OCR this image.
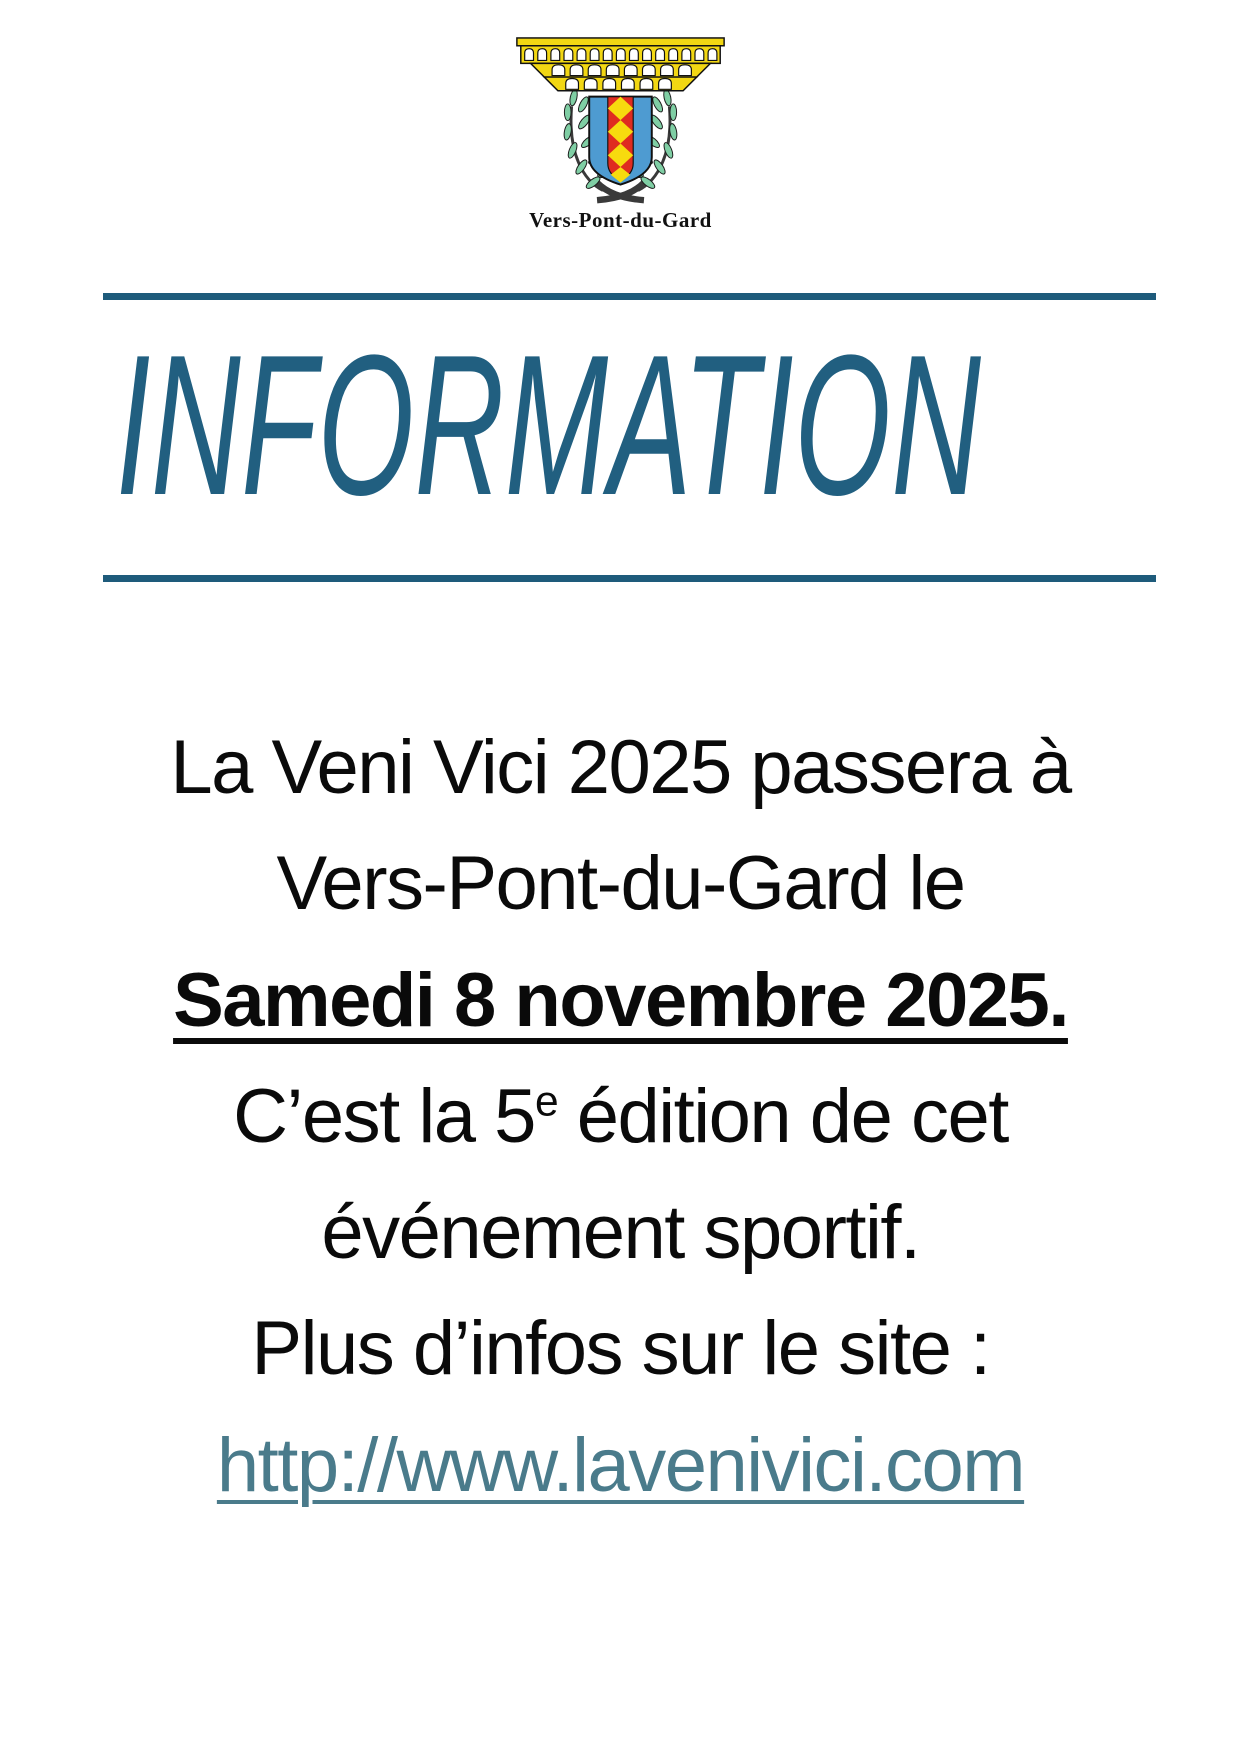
Vers-Pont-du-Gard
INFORMATION

La Veni Vici 2025 passera à

Vers-Pont-du-Gard le

Samedi 8 novembre 2025.

C’est la 5e édition de cet

événement sportif.

Plus d’infos sur le site :

http://www.lavenivici.com
